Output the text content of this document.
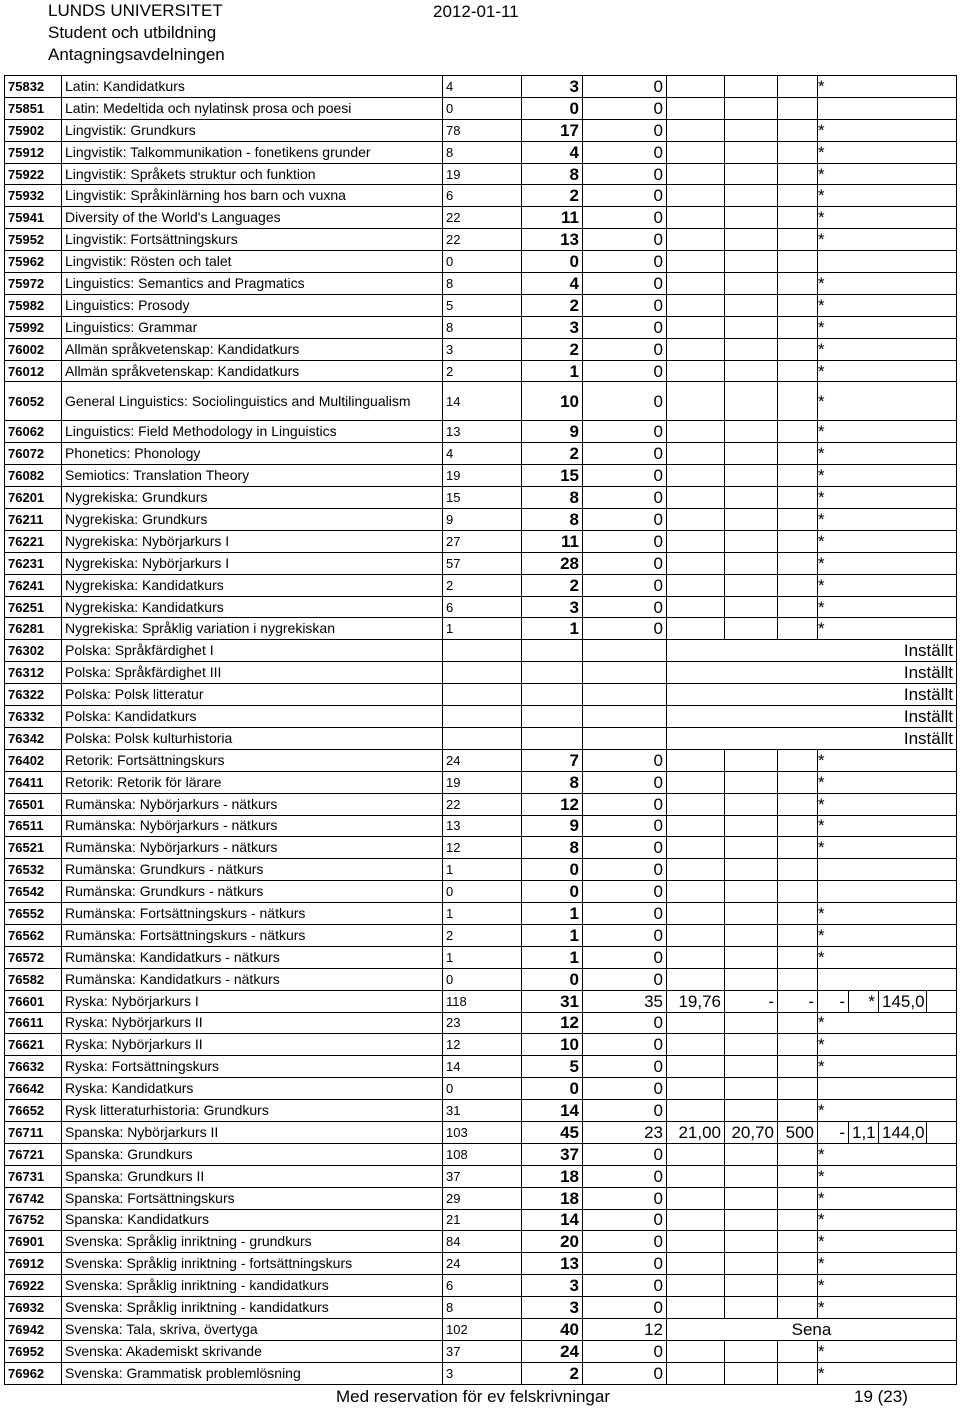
LUNDS UNIVERSITET
Student och utbildning
Antagningsavdelningen
2012-01-11
75832	Latin: Kandidatkurs	4	3	0				*			
75851	Latin: Medeltida och nylatinsk prosa och poesi	0	0	0							
75902	Lingvistik: Grundkurs	78	17	0				*			
75912	Lingvistik: Talkommunikation - fonetikens grunder	8	4	0				*			
75922	Lingvistik: Språkets struktur och funktion	19	8	0				*			
75932	Lingvistik: Språkinlärning hos barn och vuxna	6	2	0				*			
75941	Diversity of the World's Languages	22	11	0				*			
75952	Lingvistik: Fortsättningskurs	22	13	0				*			
75962	Lingvistik: Rösten och talet	0	0	0							
75972	Linguistics: Semantics and Pragmatics	8	4	0				*			
75982	Linguistics: Prosody	5	2	0				*			
75992	Linguistics: Grammar	8	3	0				*			
76002	Allmän språkvetenskap: Kandidatkurs	3	2	0				*			
76012	Allmän språkvetenskap: Kandidatkurs	2	1	0				*			
76052	General Linguistics: Sociolinguistics and Multilingualism	14	10	0				*			
76062	Linguistics: Field Methodology in Linguistics	13	9	0				*			
76072	Phonetics: Phonology	4	2	0				*			
76082	Semiotics: Translation Theory	19	15	0				*			
76201	Nygrekiska: Grundkurs	15	8	0				*			
76211	Nygrekiska: Grundkurs	9	8	0				*			
76221	Nygrekiska: Nybörjarkurs I	27	11	0				*			
76231	Nygrekiska: Nybörjarkurs I	57	28	0				*			
76241	Nygrekiska: Kandidatkurs	2	2	0				*			
76251	Nygrekiska: Kandidatkurs	6	3	0				*			
76281	Nygrekiska: Språklig variation i nygrekiskan	1	1	0				*			
76302	Polska: Språkfärdighet I				Inställt						
76312	Polska: Språkfärdighet III				Inställt						
76322	Polska: Polsk litteratur				Inställt						
76332	Polska: Kandidatkurs				Inställt						
76342	Polska: Polsk kulturhistoria				Inställt						
76402	Retorik: Fortsättningskurs	24	7	0				*			
76411	Retorik: Retorik för lärare	19	8	0				*			
76501	Rumänska: Nybörjarkurs - nätkurs	22	12	0				*			
76511	Rumänska: Nybörjarkurs - nätkurs	13	9	0				*			
76521	Rumänska: Nybörjarkurs - nätkurs	12	8	0				*			
76532	Rumänska: Grundkurs - nätkurs	1	0	0							
76542	Rumänska: Grundkurs - nätkurs	0	0	0							
76552	Rumänska: Fortsättningskurs - nätkurs	1	1	0				*			
76562	Rumänska: Fortsättningskurs - nätkurs	2	1	0				*			
76572	Rumänska: Kandidatkurs - nätkurs	1	1	0				*			
76582	Rumänska: Kandidatkurs - nätkurs	0	0	0							
76601	Ryska: Nybörjarkurs I	118	31	35	19,76	-	-	-	*	145,0	
76611	Ryska: Nybörjarkurs II	23	12	0				*			
76621	Ryska: Nybörjarkurs II	12	10	0				*			
76632	Ryska: Fortsättningskurs	14	5	0				*			
76642	Ryska: Kandidatkurs	0	0	0							
76652	Rysk litteraturhistoria: Grundkurs	31	14	0				*			
76711	Spanska: Nybörjarkurs II	103	45	23	21,00	20,70	500	-	1,1	144,0	
76721	Spanska: Grundkurs	108	37	0				*			
76731	Spanska: Grundkurs II	37	18	0				*			
76742	Spanska: Fortsättningskurs	29	18	0				*			
76752	Spanska: Kandidatkurs	21	14	0				*			
76901	Svenska: Språklig inriktning - grundkurs	84	20	0				*			
76912	Svenska: Språklig inriktning - fortsättningskurs	24	13	0				*			
76922	Svenska: Språklig inriktning - kandidatkurs	6	3	0				*			
76932	Svenska: Språklig inriktning - kandidatkurs	8	3	0				*			
76942	Svenska: Tala, skriva, övertyga	102	40	12	Sena						
76952	Svenska: Akademiskt skrivande	37	24	0				*			
76962	Svenska: Grammatisk problemlösning	3	2	0				*			
Med reservation för ev felskrivningar	19 (23)
